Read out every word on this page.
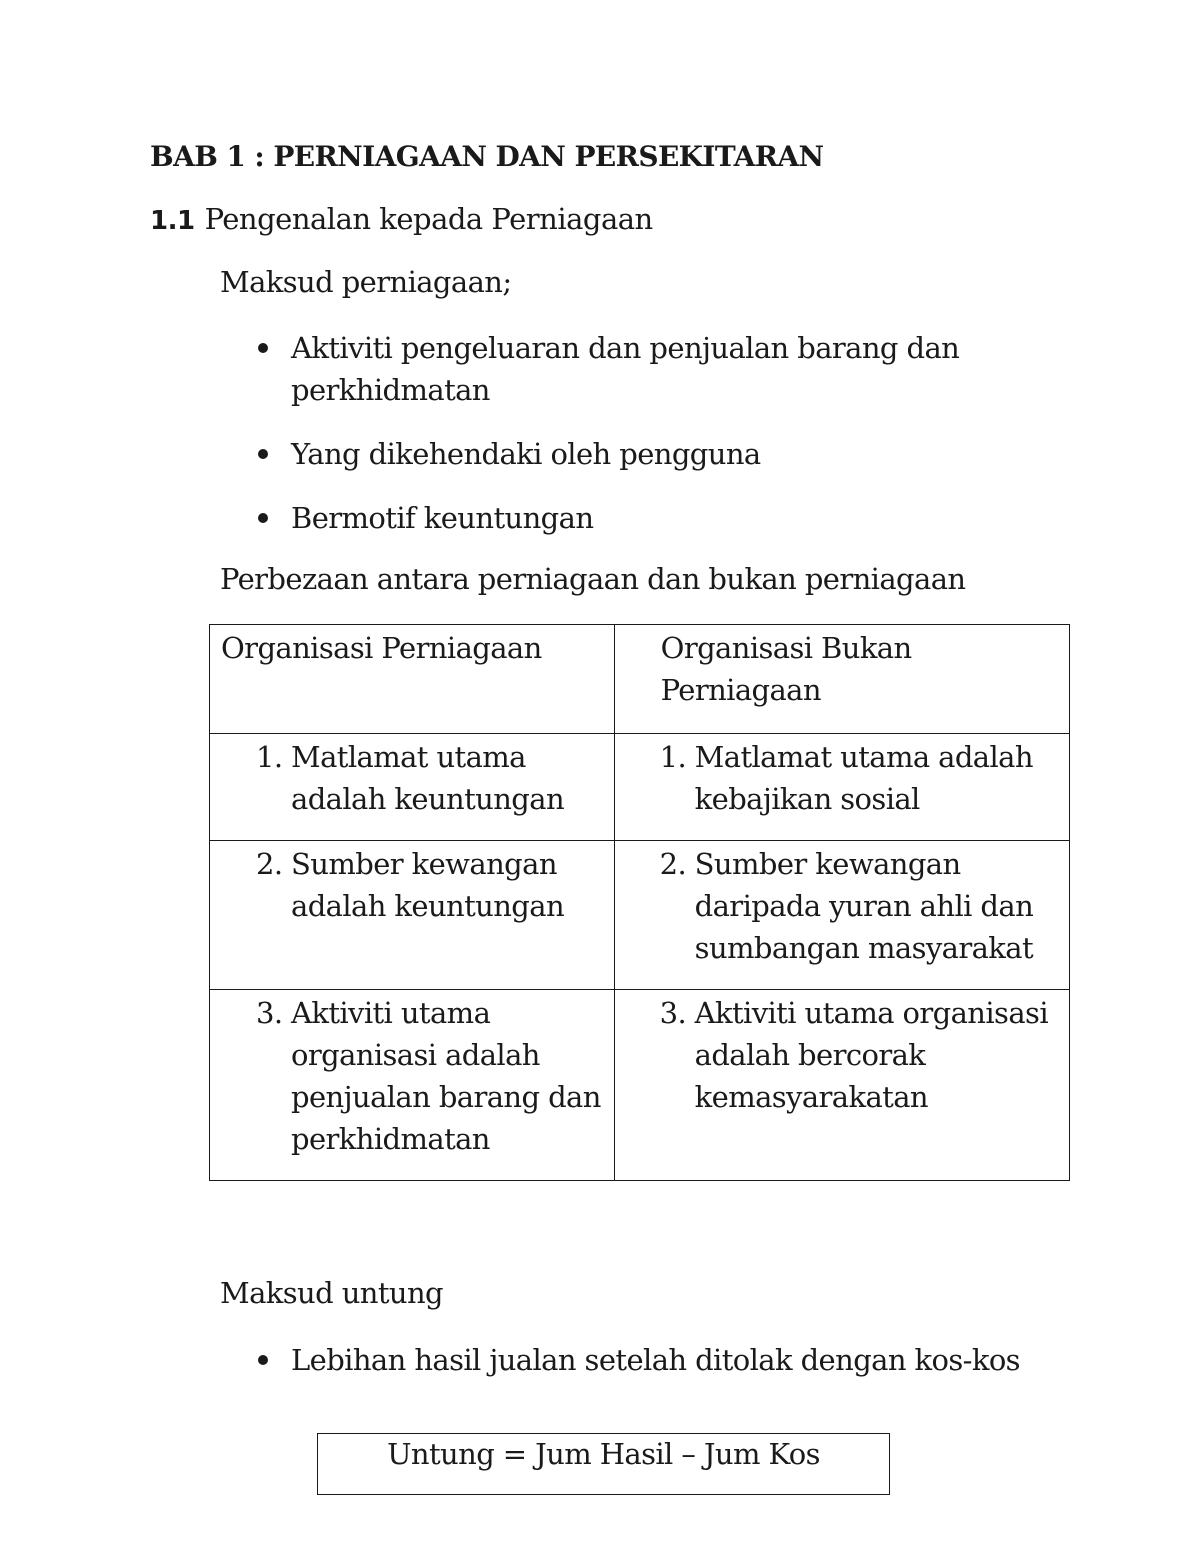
BAB 1 : PERNIAGAAN DAN PERSEKITARAN
1.1 Pengenalan kepada Perniagaan
Maksud perniagaan;
Aktiviti pengeluaran dan penjualan barang dan perkhidmatan
Yang dikehendaki oleh pengguna
Bermotif keuntungan
Perbezaan antara perniagaan dan bukan perniagaan
Organisasi Perniagaan	Organisasi Bukan Perniagaan

1. Matlamat utama adalah keuntungan	1. Matlamat utama adalah kebajikan sosial

2. Sumber kewangan adalah keuntungan	2. Sumber kewangan daripada yuran ahli dan sumbangan masyarakat

3. Aktiviti utama organisasi adalah penjualan barang dan perkhidmatan	3. Aktiviti utama organisasi adalah bercorak kemasyarakatan
Maksud untung
Lebihan hasil jualan setelah ditolak dengan kos-kos
Untung = Jum Hasil – Jum Kos
